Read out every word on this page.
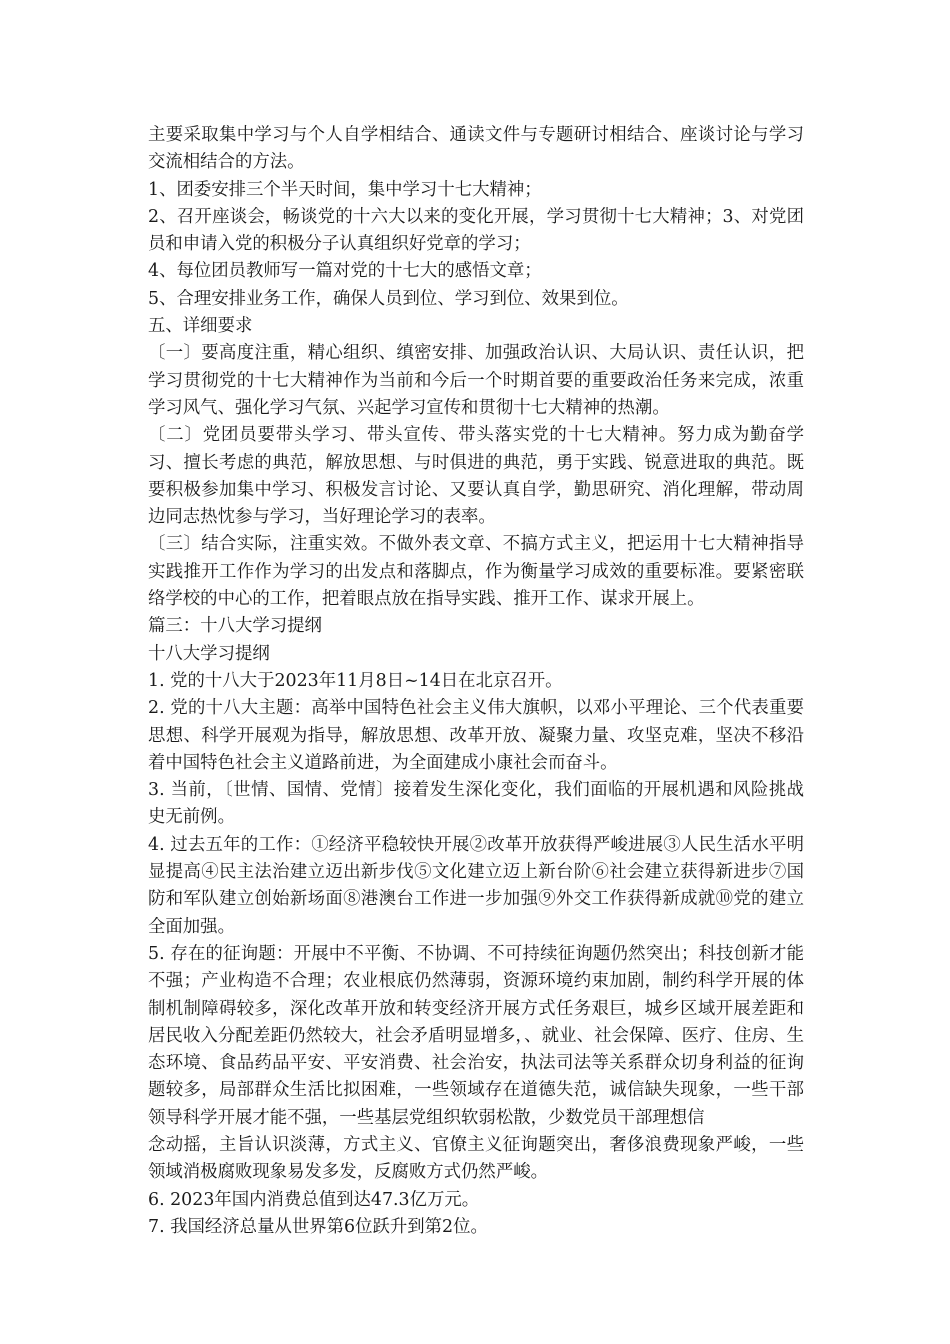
主要采取集中学习与个人自学相结合、通读文件与专题研讨相结合、座谈讨论与学习交流相结合的方法。

1、团委安排三个半天时间，集中学习十七大精神；

2、召开座谈会，畅谈党的十六大以来的变化开展，学习贯彻十七大精神；3、对党团员和申请入党的积极分子认真组织好党章的学习；

4、每位团员教师写一篇对党的十七大的感悟文章；

5、合理安排业务工作，确保人员到位、学习到位、效果到位。

五、详细要求

〔一〕要高度注重，精心组织、缜密安排、加强政治认识、大局认识、责任认识，把学习贯彻党的十七大精神作为当前和今后一个时期首要的重要政治任务来完成，浓重学习风气、强化学习气氛、兴起学习宣传和贯彻十七大精神的热潮。

〔二〕党团员要带头学习、带头宣传、带头落实党的十七大精神。努力成为勤奋学习、擅长考虑的典范，解放思想、与时俱进的典范，勇于实践、锐意进取的典范。既要积极参加集中学习、积极发言讨论、又要认真自学，勤思研究、消化理解，带动周边同志热忱参与学习，当好理论学习的表率。

〔三〕结合实际，注重实效。不做外表文章、不搞方式主义，把运用十七大精神指导实践推开工作作为学习的出发点和落脚点，作为衡量学习成效的重要标准。要紧密联络学校的中心的工作，把着眼点放在指导实践、推开工作、谋求开展上。

篇三：十八大学习提纲

十八大学习提纲

1. 党的十八大于2023年11月8日~14日在北京召开。

2. 党的十八大主题：高举中国特色社会主义伟大旗帜，以邓小平理论、三个代表重要思想、科学开展观为指导，解放思想、改革开放、凝聚力量、攻坚克难，坚决不移沿着中国特色社会主义道路前进，为全面建成小康社会而奋斗。

3. 当前，〔世情、国情、党情〕接着发生深化变化，我们面临的开展机遇和风险挑战史无前例。

4. 过去五年的工作：①经济平稳较快开展②改革开放获得严峻进展③人民生活水平明显提高④民主法治建立迈出新步伐⑤文化建立迈上新台阶⑥社会建立获得新进步⑦国防和军队建立创始新场面⑧港澳台工作进一步加强⑨外交工作获得新成就⑩党的建立全面加强。

5. 存在的征询题：开展中不平衡、不协调、不可持续征询题仍然突出；科技创新才能不强；产业构造不合理；农业根底仍然薄弱，资源环境约束加剧，制约科学开展的体制机制障碍较多，深化改革开放和转变经济开展方式任务艰巨，城乡区域开展差距和居民收入分配差距仍然较大，社会矛盾明显增多，、就业、社会保障、医疗、住房、生态环境、食品药品平安、平安消费、社会治安，执法司法等关系群众切身利益的征询题较多，局部群众生活比拟困难，一些领域存在道德失范，诚信缺失现象，一些干部领导科学开展才能不强，一些基层党组织软弱松散，少数党员干部理想信

念动摇，主旨认识淡薄，方式主义、官僚主义征询题突出，奢侈浪费现象严峻，一些领域消极腐败现象易发多发，反腐败方式仍然严峻。

6. 2023年国内消费总值到达47.3亿万元。

7. 我国经济总量从世界第6位跃升到第2位。
